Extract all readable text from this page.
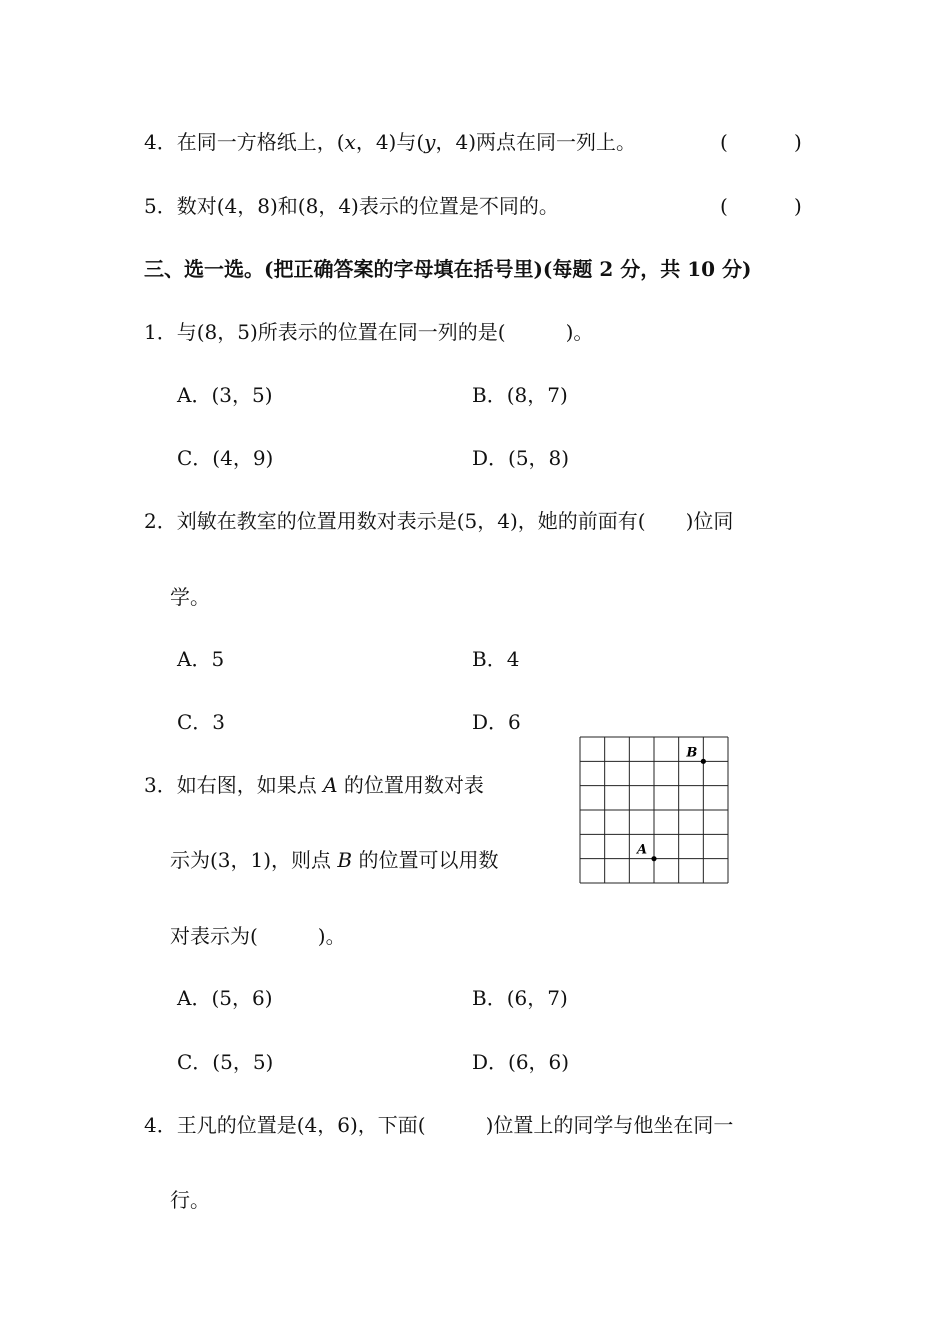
4．在同一方格纸上，(x，4)与(y，4)两点在同一列上。	(	)
5．数对(4，8)和(8，4)表示的位置是不同的。	(	)
三、选一选。(把正确答案的字母填在括号里)(每题 2 分，共 10 分)
1．与(8，5)所表示的位置在同一列的是(　　　)。
A．(3，5)	B．(8，7)
C．(4，9)	D．(5，8)
2．刘敏在教室的位置用数对表示是(5，4)，她的前面有(　　)位同
学。
A．5	B．4
C．3	D．6
3．如右图，如果点 A 的位置用数对表
示为(3，1)，则点 B 的位置可以用数
对表示为(　　　)。
A．(5，6)	B．(6，7)
C．(5，5)	D．(6，6)
A
B
4．王凡的位置是(4，6)，下面(　　　)位置上的同学与他坐在同一
行。
